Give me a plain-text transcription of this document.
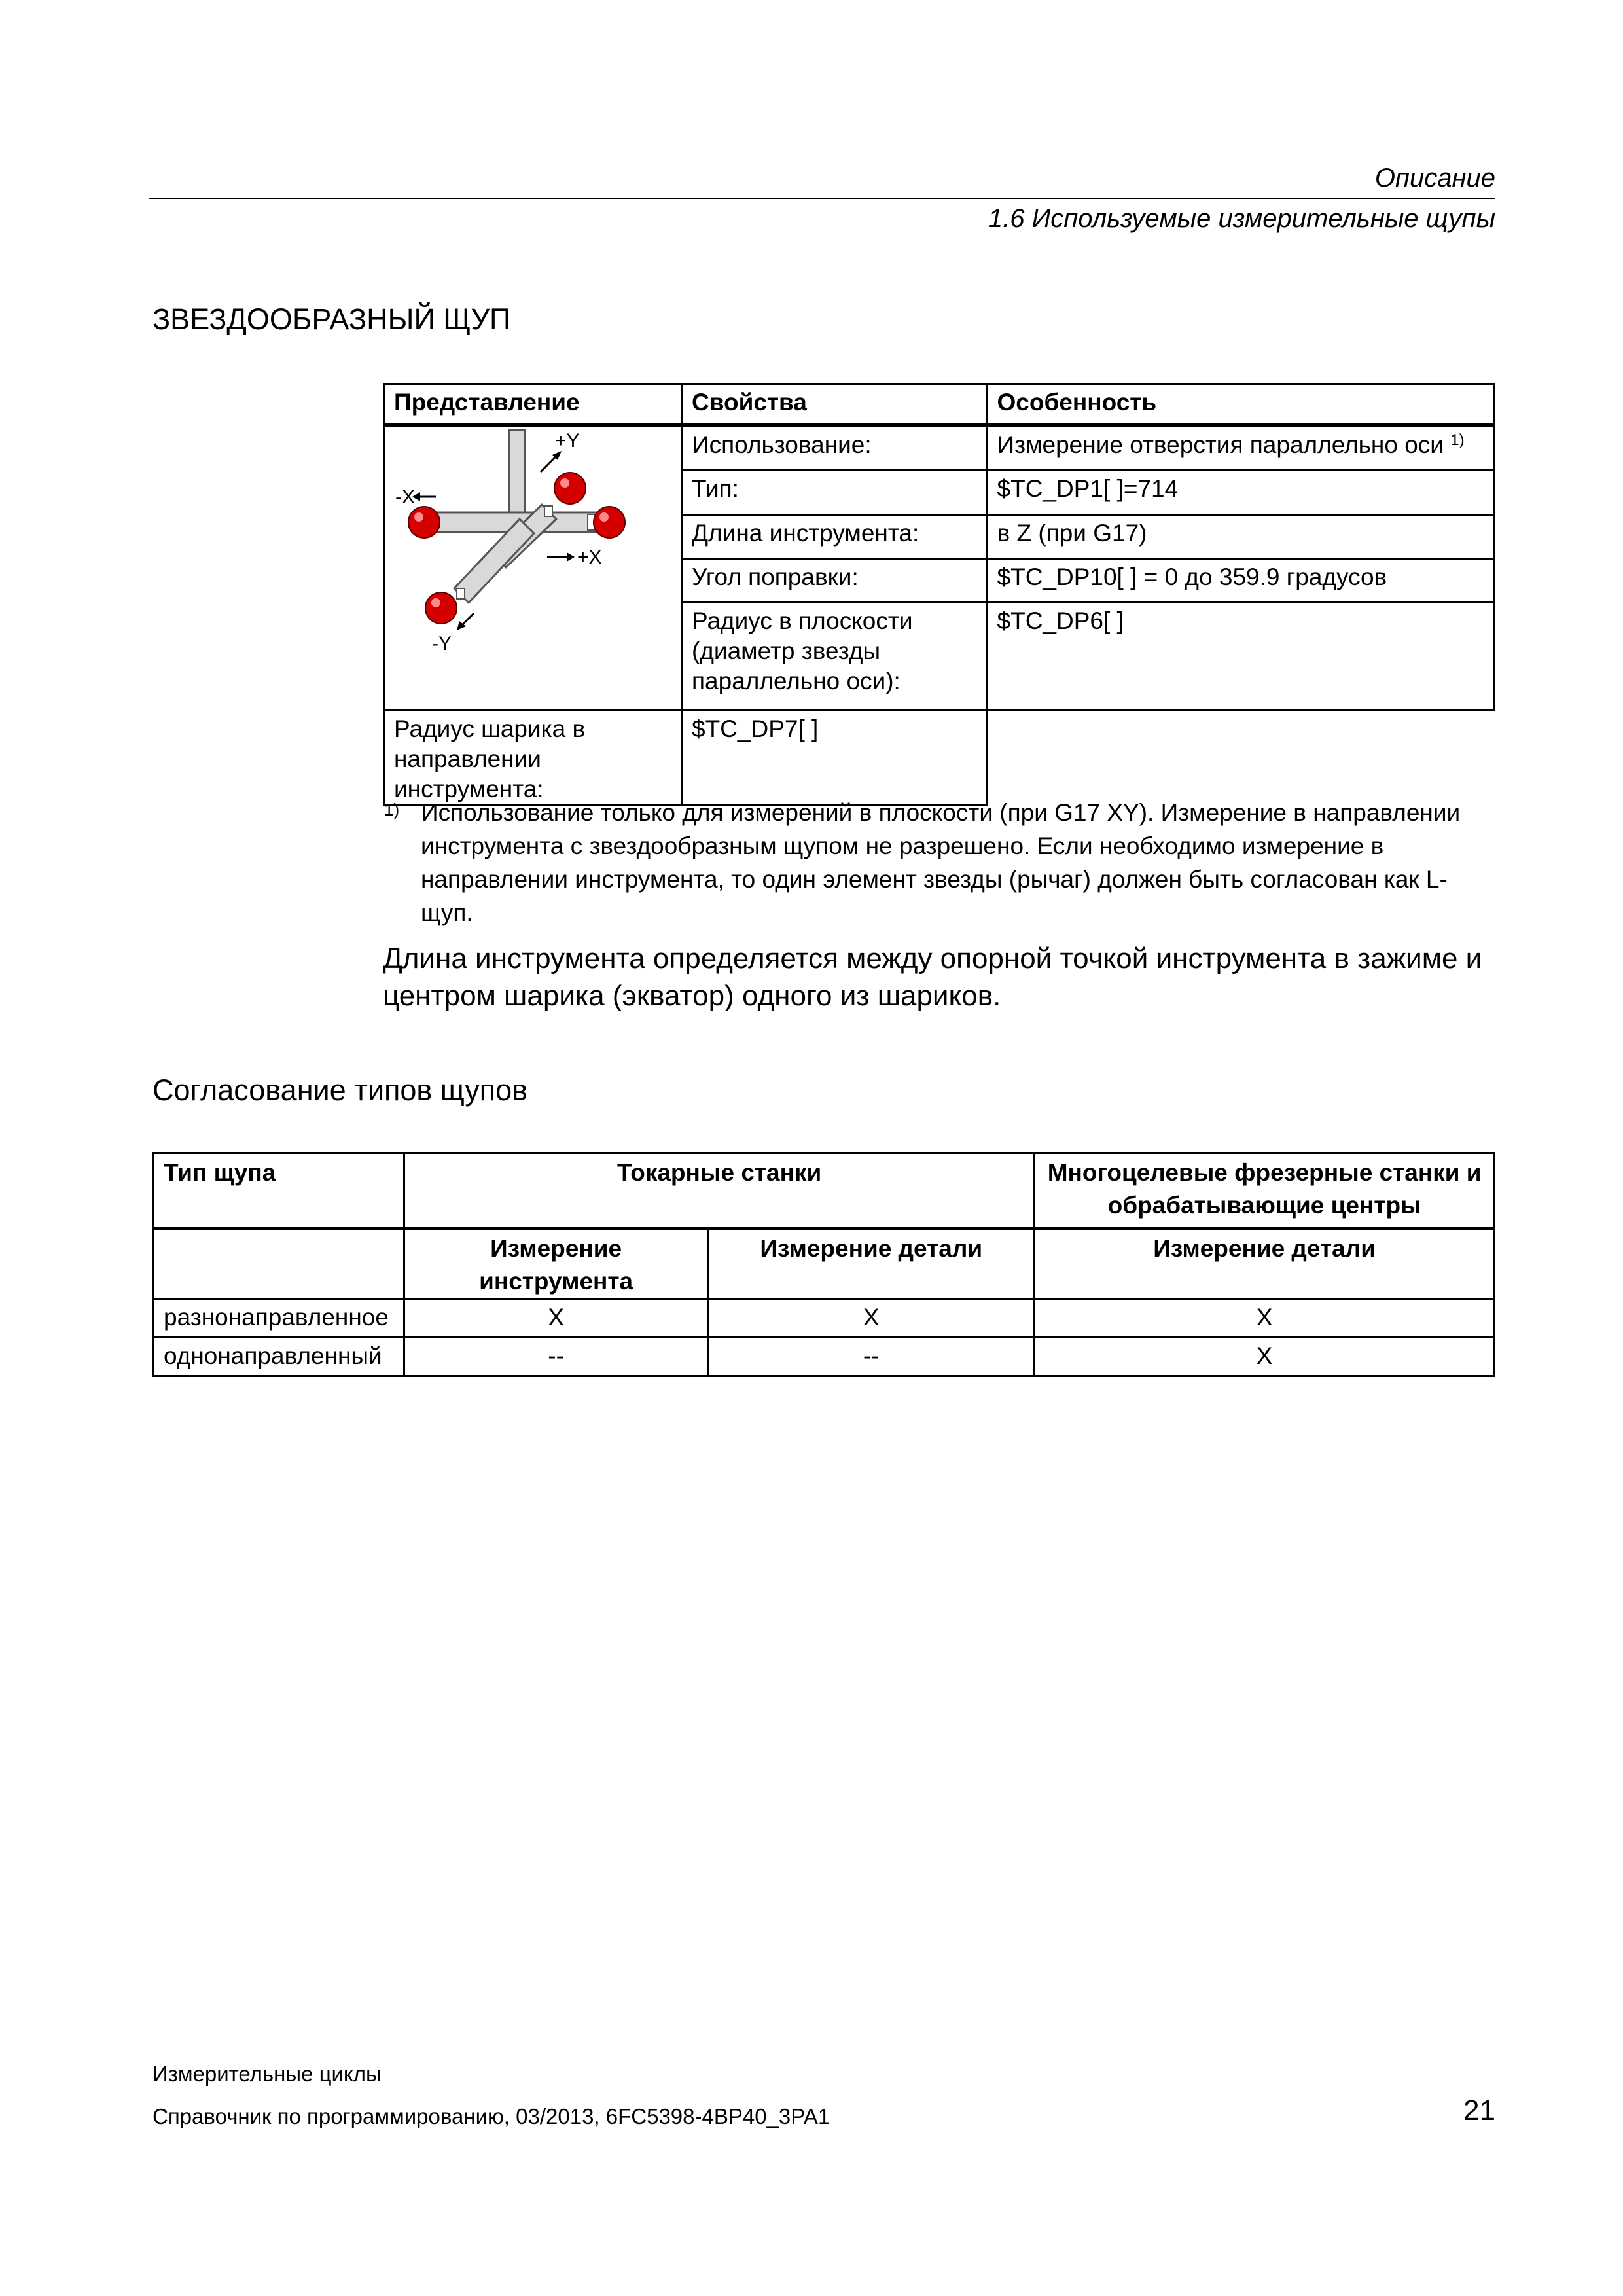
Описание
1.6 Используемые измерительные щупы
ЗВЕЗДООБРАЗНЫЙ ЩУП
Представление	Свойства	Особенность

+Y
-X
+X
-Y	Использование:	Измерение отверстия параллельно оси $^{1)}$
	Тип:	$TC_DP1[ ]=714
	Длина инструмента:	в Z (при G17)
	Угол поправки:	$TC_DP10[ ] = 0 до 359.9 градусов
	Радиус в плоскости (диаметр звезды параллельно оси):	$TC_DP6[ ]
Радиус шарика в направлении инструмента:	$TC_DP7[ ]	
1) Использование только для измерений в плоскости (при G17 XY). Измерение в направлении инструмента с звездообразным щупом не разрешено. Если необходимо измерение в направлении инструмента, то один элемент звезды (рычаг) должен быть согласован как L-щуп.
Длина инструмента определяется между опорной точкой инструмента в зажиме и центром шарика (экватор) одного из шариков.
Согласование типов щупов
Тип щупа	Токарные станки		Многоцелевые фрезерные станки и обрабатывающие центры
	Измерение инструмента	Измерение детали	Измерение детали
разнонаправленное	X	X	X
однонаправленный	--	--	X
Измерительные циклы
Справочник по программированию, 03/2013, 6FC5398-4BP40_3PA1	21
